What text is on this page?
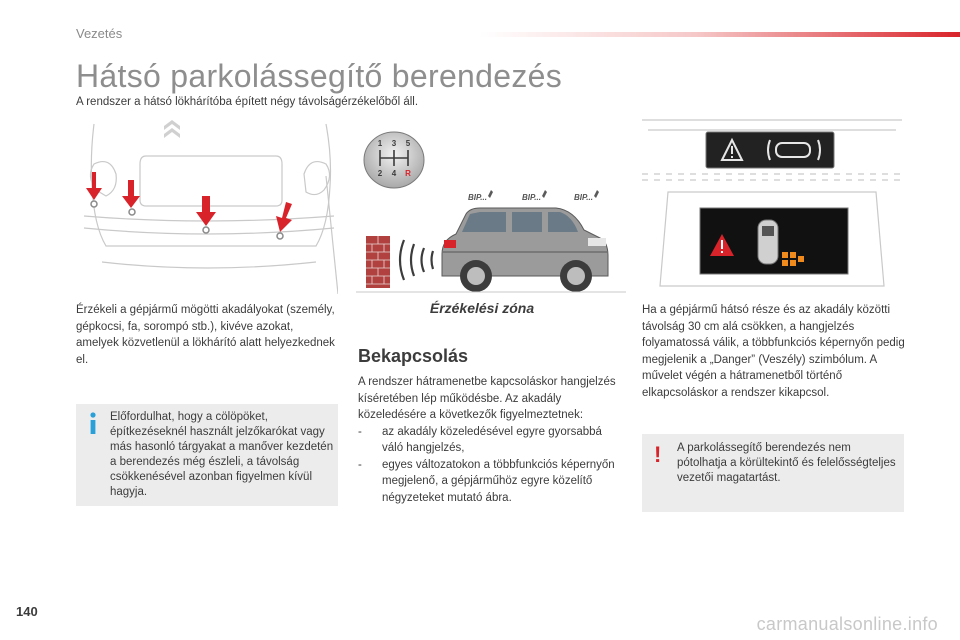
Vezetés
Hátsó parkolássegítő berendezés
A rendszer a hátsó lökhárítóba épített négy távolságérzékelőből áll.
1 3 5
2 4 R
BIP...	BIP...	BIP...
Érzékeli a gépjármű mögötti akadályokat (személy, gépkocsi, fa, sorompó stb.), kivéve azokat, amelyek közvetlenül a lökhárító alatt helyezkednek el.
Előfordulhat, hogy a cölöpöket, építkezéseknél használt jelzőkarókat vagy más hasonló tárgyakat a manőver kezdetén a berendezés még észleli, a távolság csökkenésével azonban figyelmen kívül hagyja.
Érzékelési zóna
Bekapcsolás
A rendszer hátramenetbe kapcsoláskor hangjelzés kíséretében lép működésbe. Az akadály közeledésére a következők figyelmeztetnek:
- az akadály közeledésével egyre gyorsabbá váló hangjelzés,
- egyes változatokon a többfunkciós képernyőn megjelenő, a gépjárműhöz egyre közelítő négyzeteket mutató ábra.
Ha a gépjármű hátsó része és az akadály közötti távolság 30 cm alá csökken, a hangjelzés folyamatossá válik, a többfunkciós képernyőn pedig megjelenik a „Danger” (Veszély) szimbólum. A művelet végén a hátramenetből történő elkapcsoláskor a rendszer kikapcsol.
! A parkolássegítő berendezés nem pótolhatja a körültekintő és felelősségteljes vezetői magatartást.
140
carmanualsonline.info
